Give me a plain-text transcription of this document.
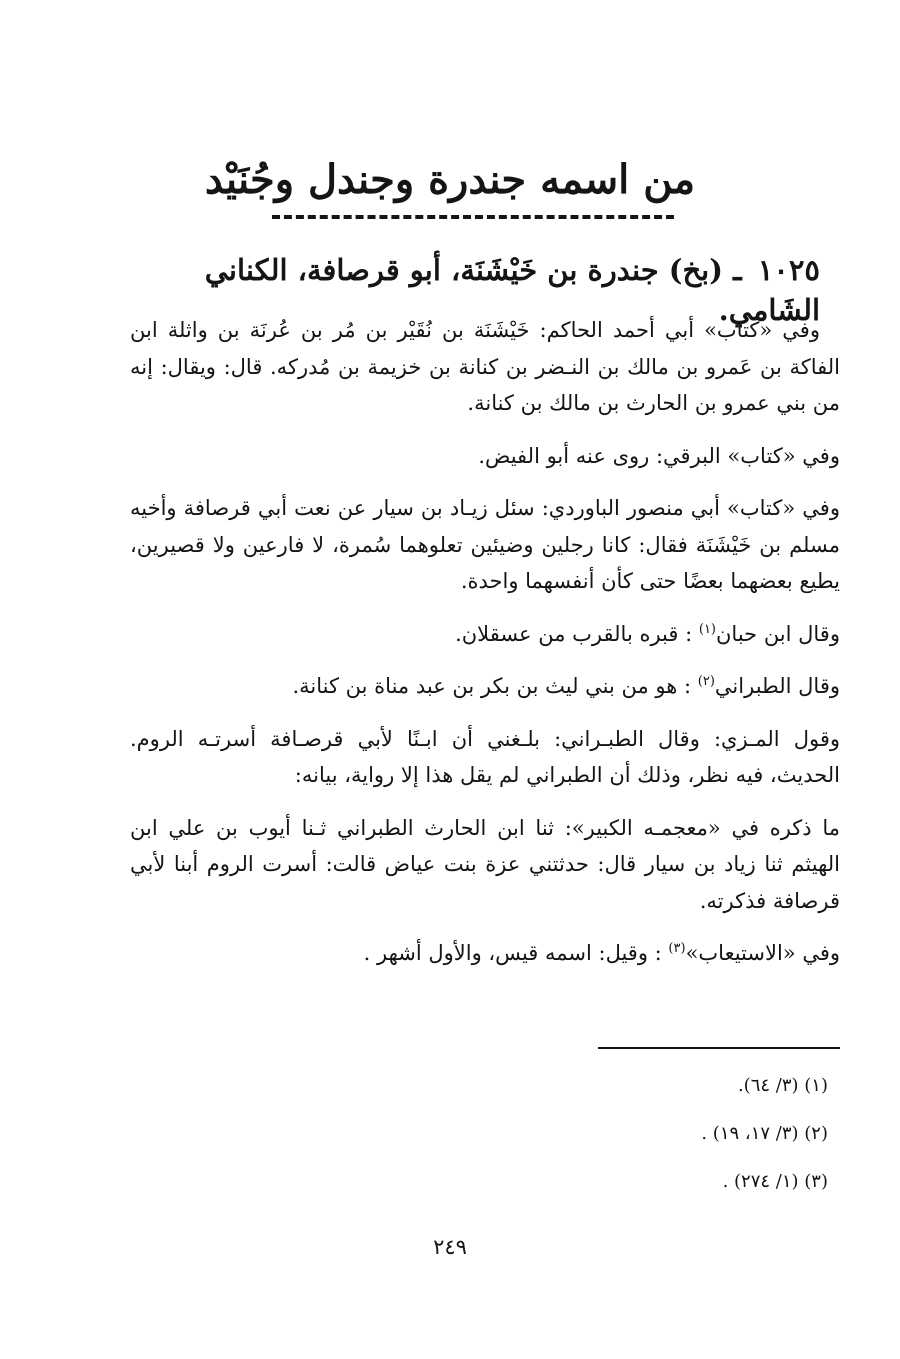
من اسمه جندرة وجندل وجُنَيْد
١٠٢٥ ـ (بخ) جندرة بن خَيْشَنَة، أبو قرصافة، الكناني الشَامي.

وفي «كتاب» أبي أحمد الحاكم: خَيْشَنَة بن نُقَيْر بن مُر بن عُرنَة بن واثلة ابن الفاكة بن عَمرو بن مالك بن النـضر بن كنانة بن خزيمة بن مُدركه. قال: ويقال: إنه من بني عمرو بن الحارث بن مالك بن كنانة.

وفي «كتاب» البرقي: روى عنه أبو الفيض.

وفي «كتاب» أبي منصور الباوردي: سئل زيـاد بن سيار عن نعت أبي قرصافة وأخيه مسلم بن خَيْشَنَة فقال: كانا رجلين وضيئين تعلوهما سُمرة، لا فارعين ولا قصيرين، يطيع بعضهما بعضًا حتى كأن أنفسهما واحدة.

وقال ابن حبان$^{(١)}$ : قبره بالقرب من عسقلان.

وقال الطبراني$^{(٢)}$ : هو من بني ليث بن بكر بن عبد مناة بن كنانة.

وقول المـزي: وقال الطبـراني: بلـغني أن ابـنًا لأبي قرصـافة أسرتـه الروم. الحديث، فيه نظر، وذلك أن الطبراني لم يقل هذا إلا رواية، بيانه:

ما ذكره في «معجمـه الكبير»: ثنا ابن الحارث الطبراني ثـنا أيوب بن علي ابن الهيثم ثنا زياد بن سيار قال: حدثتني عزة بنت عياض قالت: أسرت الروم أبنا لأبي قرصافة فذكرته.

وفي «الاستيعاب»$^{(٣)}$ : وقيل: اسمه قيس، والأول أشهر .

(١) (٣/ ٦٤).
(٢) (٣/ ١٧، ١٩) .
(٣) (١/ ٢٧٤) .
٢٤٩
